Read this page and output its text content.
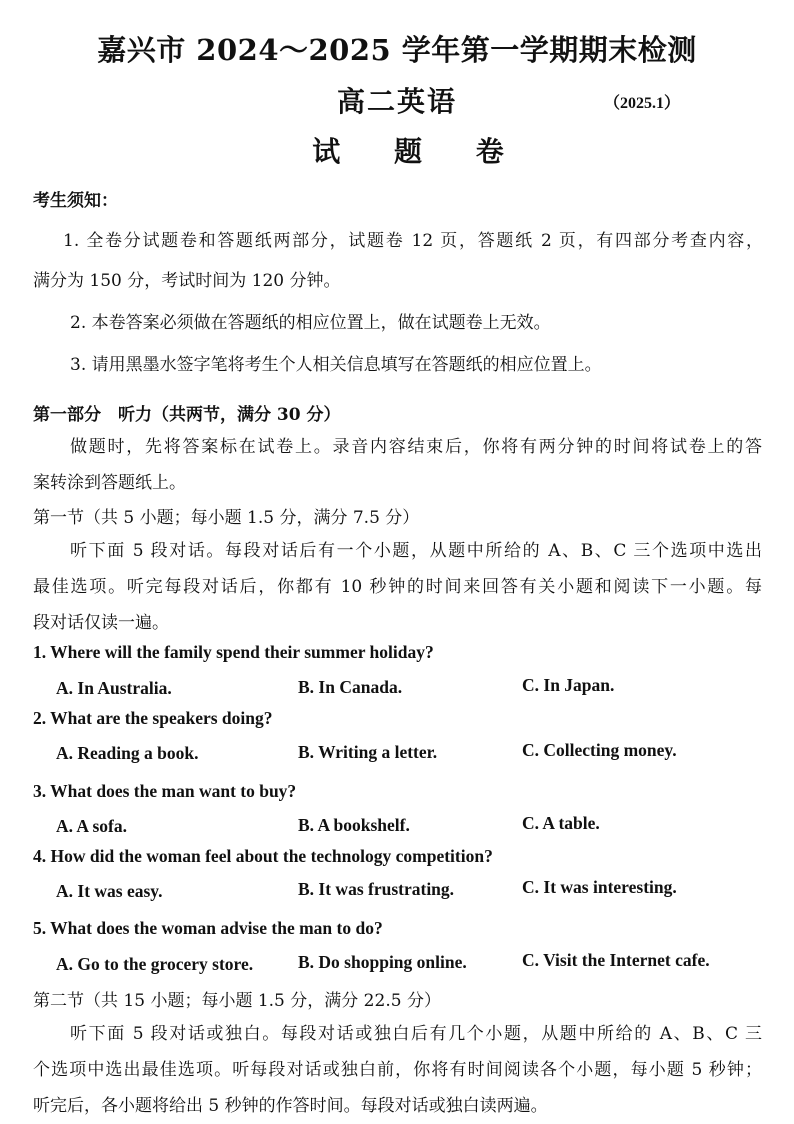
嘉兴市 2024～2025 学年第一学期期末检测
高二英语	（2025.1）
试 题 卷
考生须知：
1. 全卷分试题卷和答题纸两部分，试题卷 12 页，答题纸 2 页，有四部分考查内容，
满分为 150 分，考试时间为 120 分钟。
2. 本卷答案必须做在答题纸的相应位置上，做在试题卷上无效。
3. 请用黑墨水签字笔将考生个人相关信息填写在答题纸的相应位置上。
第一部分　听力（共两节，满分 30 分）
做题时，先将答案标在试卷上。录音内容结束后，你将有两分钟的时间将试卷上的答
案转涂到答题纸上。
第一节（共 5 小题；每小题 1.5 分，满分 7.5 分）
听下面 5 段对话。每段对话后有一个小题，从题中所给的 A、B、C 三个选项中选出
最佳选项。听完每段对话后，你都有 10 秒钟的时间来回答有关小题和阅读下一小题。每
段对话仅读一遍。
1. Where will the family spend their summer holiday?
A. In Australia.	B. In Canada.	C. In Japan.
2. What are the speakers doing?
A. Reading a book.	B. Writing a letter.	C. Collecting money.
3. What does the man want to buy?
A. A sofa.	B. A bookshelf.	C. A table.
4. How did the woman feel about the technology competition?
A. It was easy.	B. It was frustrating.	C. It was interesting.
5. What does the woman advise the man to do?
A. Go to the grocery store.	B. Do shopping online.	C. Visit the Internet cafe.
第二节（共 15 小题；每小题 1.5 分，满分 22.5 分）
听下面 5 段对话或独白。每段对话或独白后有几个小题，从题中所给的 A、B、C 三
个选项中选出最佳选项。听每段对话或独白前，你将有时间阅读各个小题，每小题 5 秒钟；
听完后，各小题将给出 5 秒钟的作答时间。每段对话或独白读两遍。
